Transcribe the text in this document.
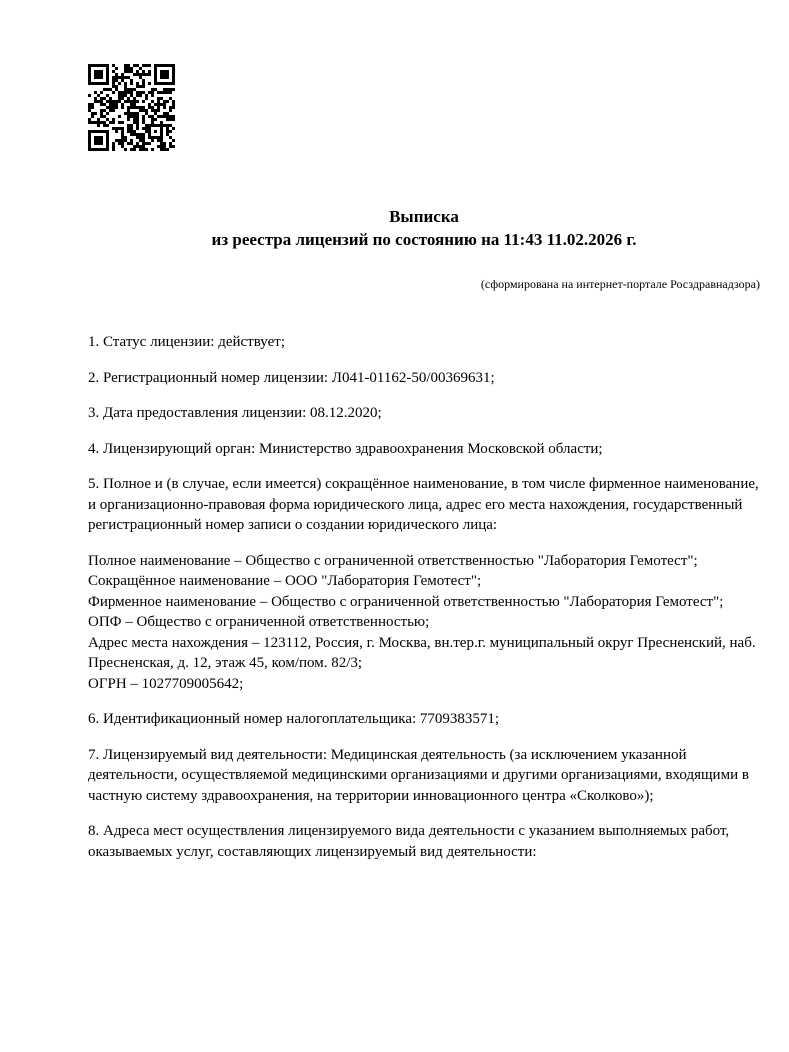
Выписка
из реестра лицензий по состоянию на 11:43 11.02.2026 г.

(сформирована на интернет-портале Росздравнадзора)

1. Статус лицензии: действует;

2. Регистрационный номер лицензии: Л041-01162-50/00369631;

3. Дата предоставления лицензии: 08.12.2020;

4. Лицензирующий орган: Министерство здравоохранения Московской области;

5. Полное и (в случае, если имеется) сокращённое наименование, в том числе фирменное наименование, и организационно-правовая форма юридического лица, адрес его места нахождения, государственный регистрационный номер записи о создании юридического лица:

Полное наименование – Общество с ограниченной ответственностью "Лаборатория Гемотест";
Сокращённое наименование – ООО "Лаборатория Гемотест";
Фирменное наименование – Общество с ограниченной ответственностью "Лаборатория Гемотест";
ОПФ – Общество с ограниченной ответственностью;
Адрес места нахождения – 123112, Россия, г. Москва, вн.тер.г. муниципальный округ Пресненский, наб. Пресненская, д. 12, этаж 45, ком/пом. 82/3;
ОГРН – 1027709005642;

6. Идентификационный номер налогоплательщика: 7709383571;

7. Лицензируемый вид деятельности: Медицинская деятельность (за исключением указанной деятельности, осуществляемой медицинскими организациями и другими организациями, входящими в частную систему здравоохранения, на территории инновационного центра «Сколково»);

8. Адреса мест осуществления лицензируемого вида деятельности с указанием выполняемых работ, оказываемых услуг, составляющих лицензируемый вид деятельности:
